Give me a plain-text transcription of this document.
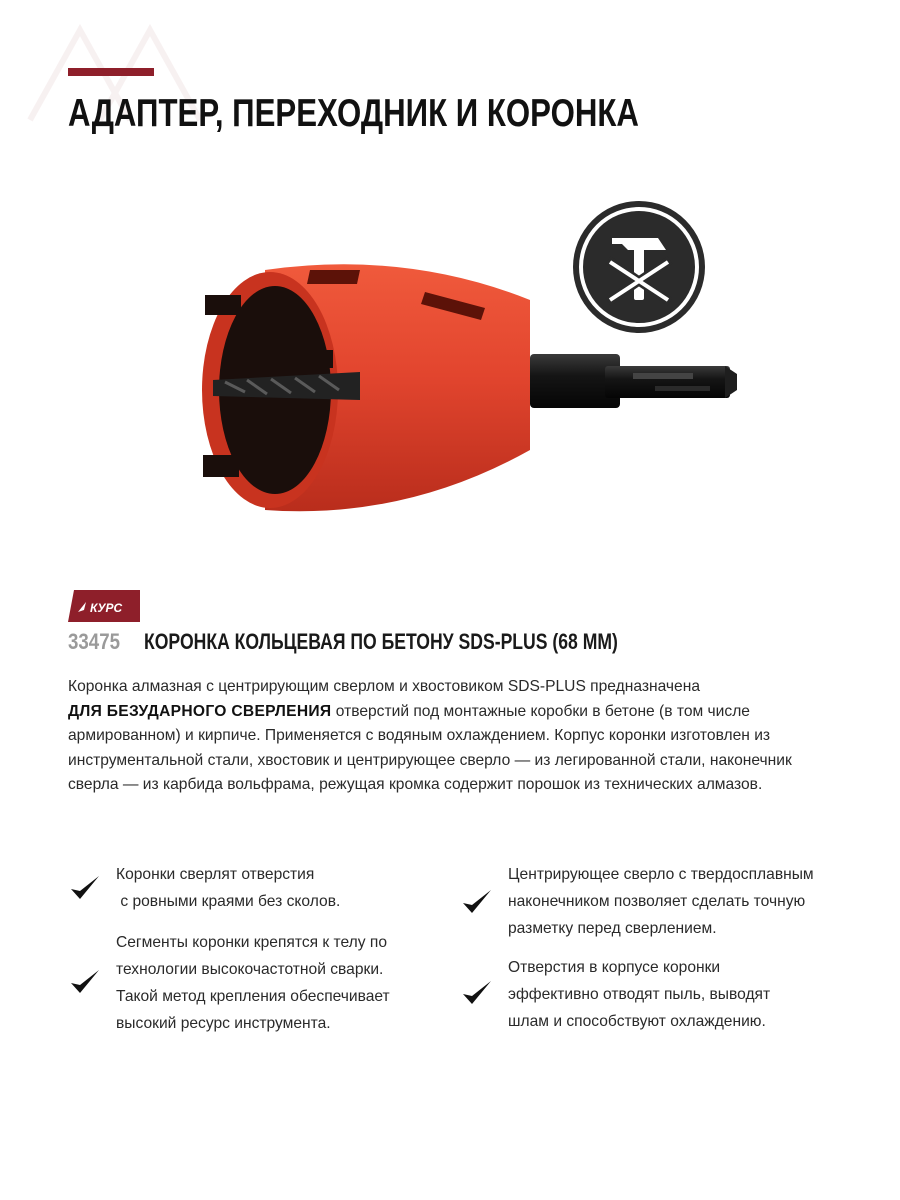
АДАПТЕР, ПЕРЕХОДНИК И КОРОНКА
КУРС
33475 КОРОНКА КОЛЬЦЕВАЯ ПО БЕТОНУ SDS-PLUS (68 ММ)

Коронка алмазная с центрирующим сверлом и хвостовиком SDS-PLUS предназначена
ДЛЯ БЕЗУДАРНОГО СВЕРЛЕНИЯ отверстий под монтажные коробки в бетоне (в том числе армированном) и кирпиче. Применяется с водяным охлаждением. Корпус коронки изготовлен из инструментальной стали, хвостовик и центрирующее сверло — из легированной стали, наконечник сверла — из карбида вольфрама, режущая кромка содержит порошок из технических алмазов.

Коронки сверлят отверстия
с ровными краями без сколов.
Сегменты коронки крепятся к телу по
технологии высокочастотной сварки.
Такой метод крепления обеспечивает
высокий ресурс инструмента.
Центрирующее сверло с твердосплавным
наконечником позволяет сделать точную
разметку перед сверлением.
Отверстия в корпусе коронки
эффективно отводят пыль, выводят
шлам и способствуют охлаждению.
